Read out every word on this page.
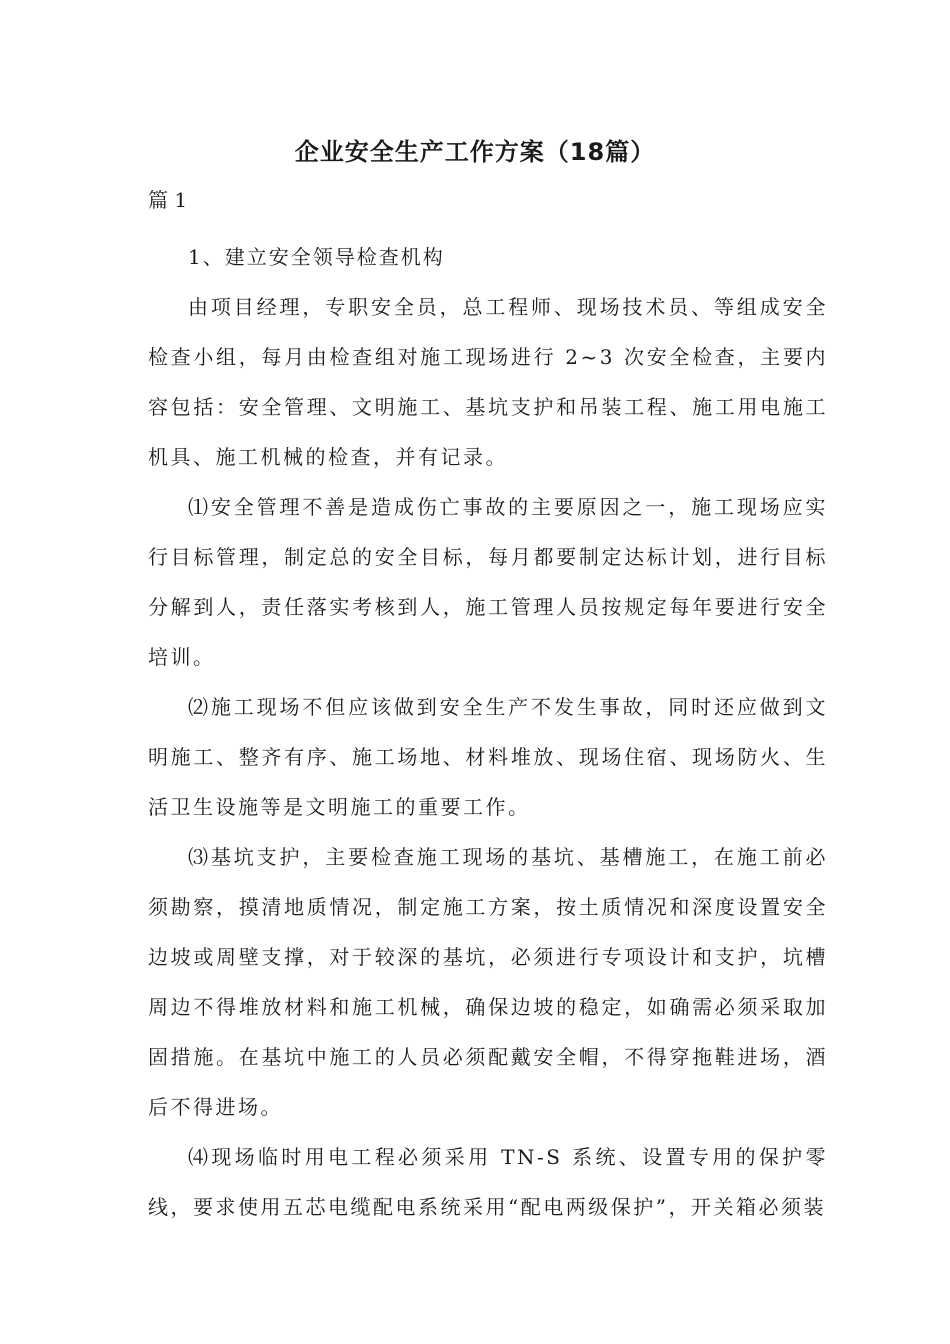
企业安全生产工作方案（18篇）
篇 1

1、建立安全领导检查机构

由项目经理，专职安全员，总工程师、现场技术员、等组成安全检查小组，每月由检查组对施工现场进行 2~3 次安全检查，主要内容包括：安全管理、文明施工、基坑支护和吊装工程、施工用电施工机具、施工机械的检查，并有记录。

⑴安全管理不善是造成伤亡事故的主要原因之一，施工现场应实行目标管理，制定总的安全目标，每月都要制定达标计划，进行目标分解到人，责任落实考核到人，施工管理人员按规定每年要进行安全培训。

⑵施工现场不但应该做到安全生产不发生事故，同时还应做到文明施工、整齐有序、施工场地、材料堆放、现场住宿、现场防火、生活卫生设施等是文明施工的重要工作。

⑶基坑支护，主要检查施工现场的基坑、基槽施工，在施工前必须勘察，摸清地质情况，制定施工方案，按土质情况和深度设置安全边坡或周壁支撑，对于较深的基坑，必须进行专项设计和支护，坑槽周边不得堆放材料和施工机械，确保边坡的稳定，如确需必须采取加固措施。在基坑中施工的人员必须配戴安全帽，不得穿拖鞋进场，酒后不得进场。

⑷现场临时用电工程必须采用 TN-S 系统、设置专用的保护零线，要求使用五芯电缆配电系统采用“配电两级保护”，开关箱必须装
